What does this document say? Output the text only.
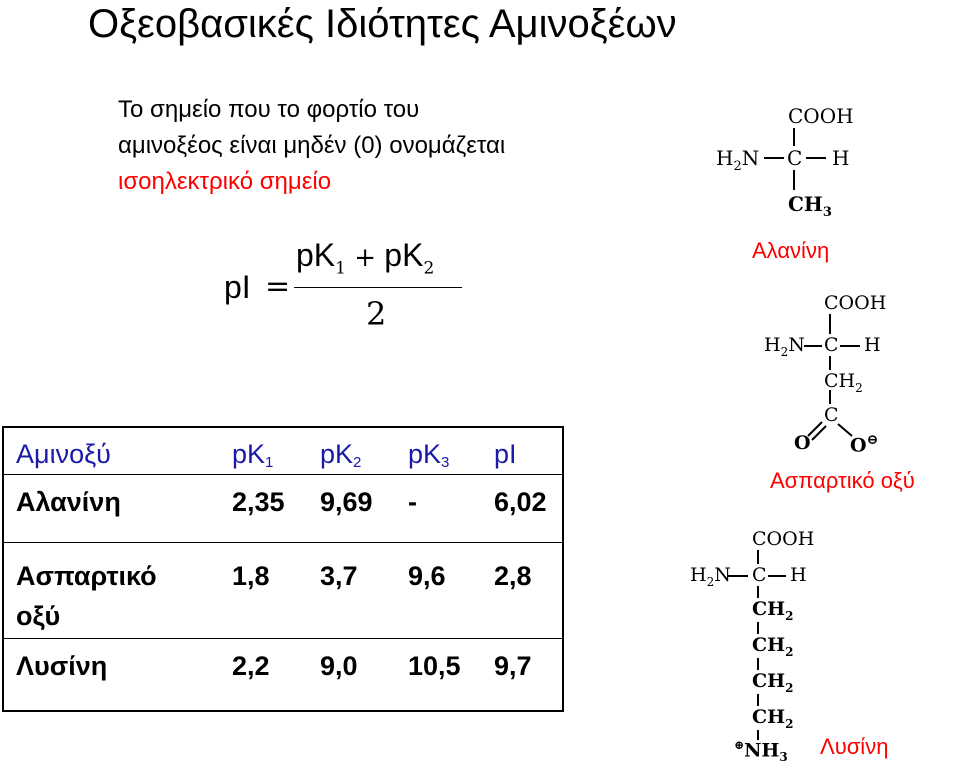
Οξεοβασικές Ιδιότητες Αμινοξέων
Το σημείο που το φορτίο του
αμινοξέος είναι μηδέν (0) ονομάζεται
ισοηλεκτρικό σημείο
pI =
$pK_1 + pK_2$
2
Αμινοξύ	$pK_1$ $pK_2$ $pK_3$ pI
Αλανίνη	2,35 9,69 -	6,02
Ασπαρτικό
οξύ
1,8 3,7 9,6 2,8
Λυσίνη	2,2 9,0 10,5 9,7
COOH
$H_2N$ C H
$CH_3$
Αλανίνη
COOH
$H_2N$ C H
$CH_2$
C
O O⊖
Ασπαρτικό οξύ
COOH
$H_2N$ C H
$CH_2$
$CH_2$
$CH_2$
$CH_2$
$^\oplus NH_3$ Λυσίνη
